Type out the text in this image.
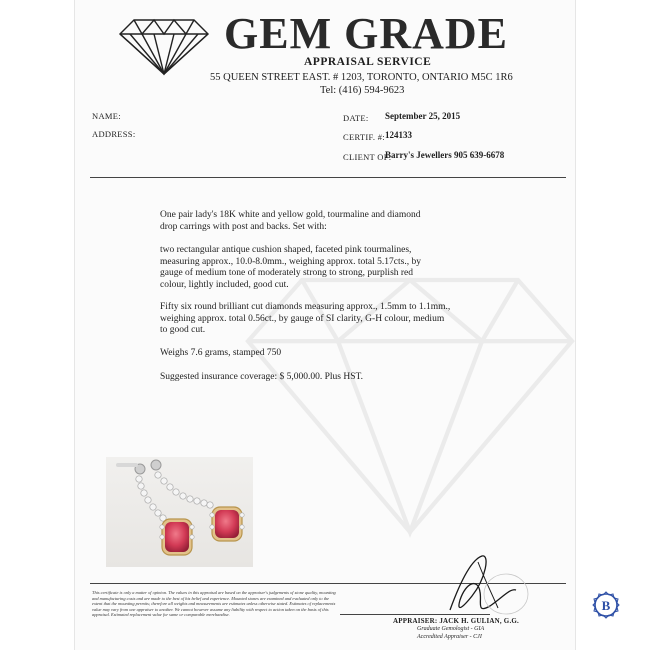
GEM GRADE
APPRAISAL SERVICE
55 QUEEN STREET EAST. # 1203, TORONTO, ONTARIO M5C 1R6
Tel: (416) 594-9623
NAME:
ADDRESS:
DATE: September 25, 2015
CERTIF. #: 124133
CLIENT OF:
Barry's Jewellers 905 639-6678

One pair lady's 18K white and yellow gold, tourmaline and diamond

drop carrings with post and backs. Set with:

two rectangular antique cushion shaped, faceted pink tourmalines,

measuring approx., 10.0-8.0mm., weighing approx. total 5.17cts., by

gauge of medium tone of moderately strong to strong, purplish red

colour, lightly included, good cut.

Fifty six round brilliant cut diamonds measuring approx., 1.5mm to 1.1mm.,

weighing approx. total 0.56ct., by gauge of SI clarity, G-H colour, medium

to good cut.

Weighs 7.6 grams, stamped 750

Suggested insurance coverage: $ 5,000.00. Plus HST.

This certificate is only a matter of opinion. The values in this appraisal are based on the appraiser's judgements of stone quality, mounting and manufacturing costs and are made to the best of his belief and experience. Mounted stones are examined and evaluated only to the extent that the mounting permits; therefore all weights and measurements are estimates unless otherwise stated. Estimates of replacements value may vary from one appraiser to another. We cannot however assume any liability with respect to action taken on the basis of this appraisal. Estimated replacement value for same or comparable merchandise.
APPRAISER: JACK H. GULIAN, G.G.
Graduate Gemologist - GIA
Accredited Appraiser - CJI
B
